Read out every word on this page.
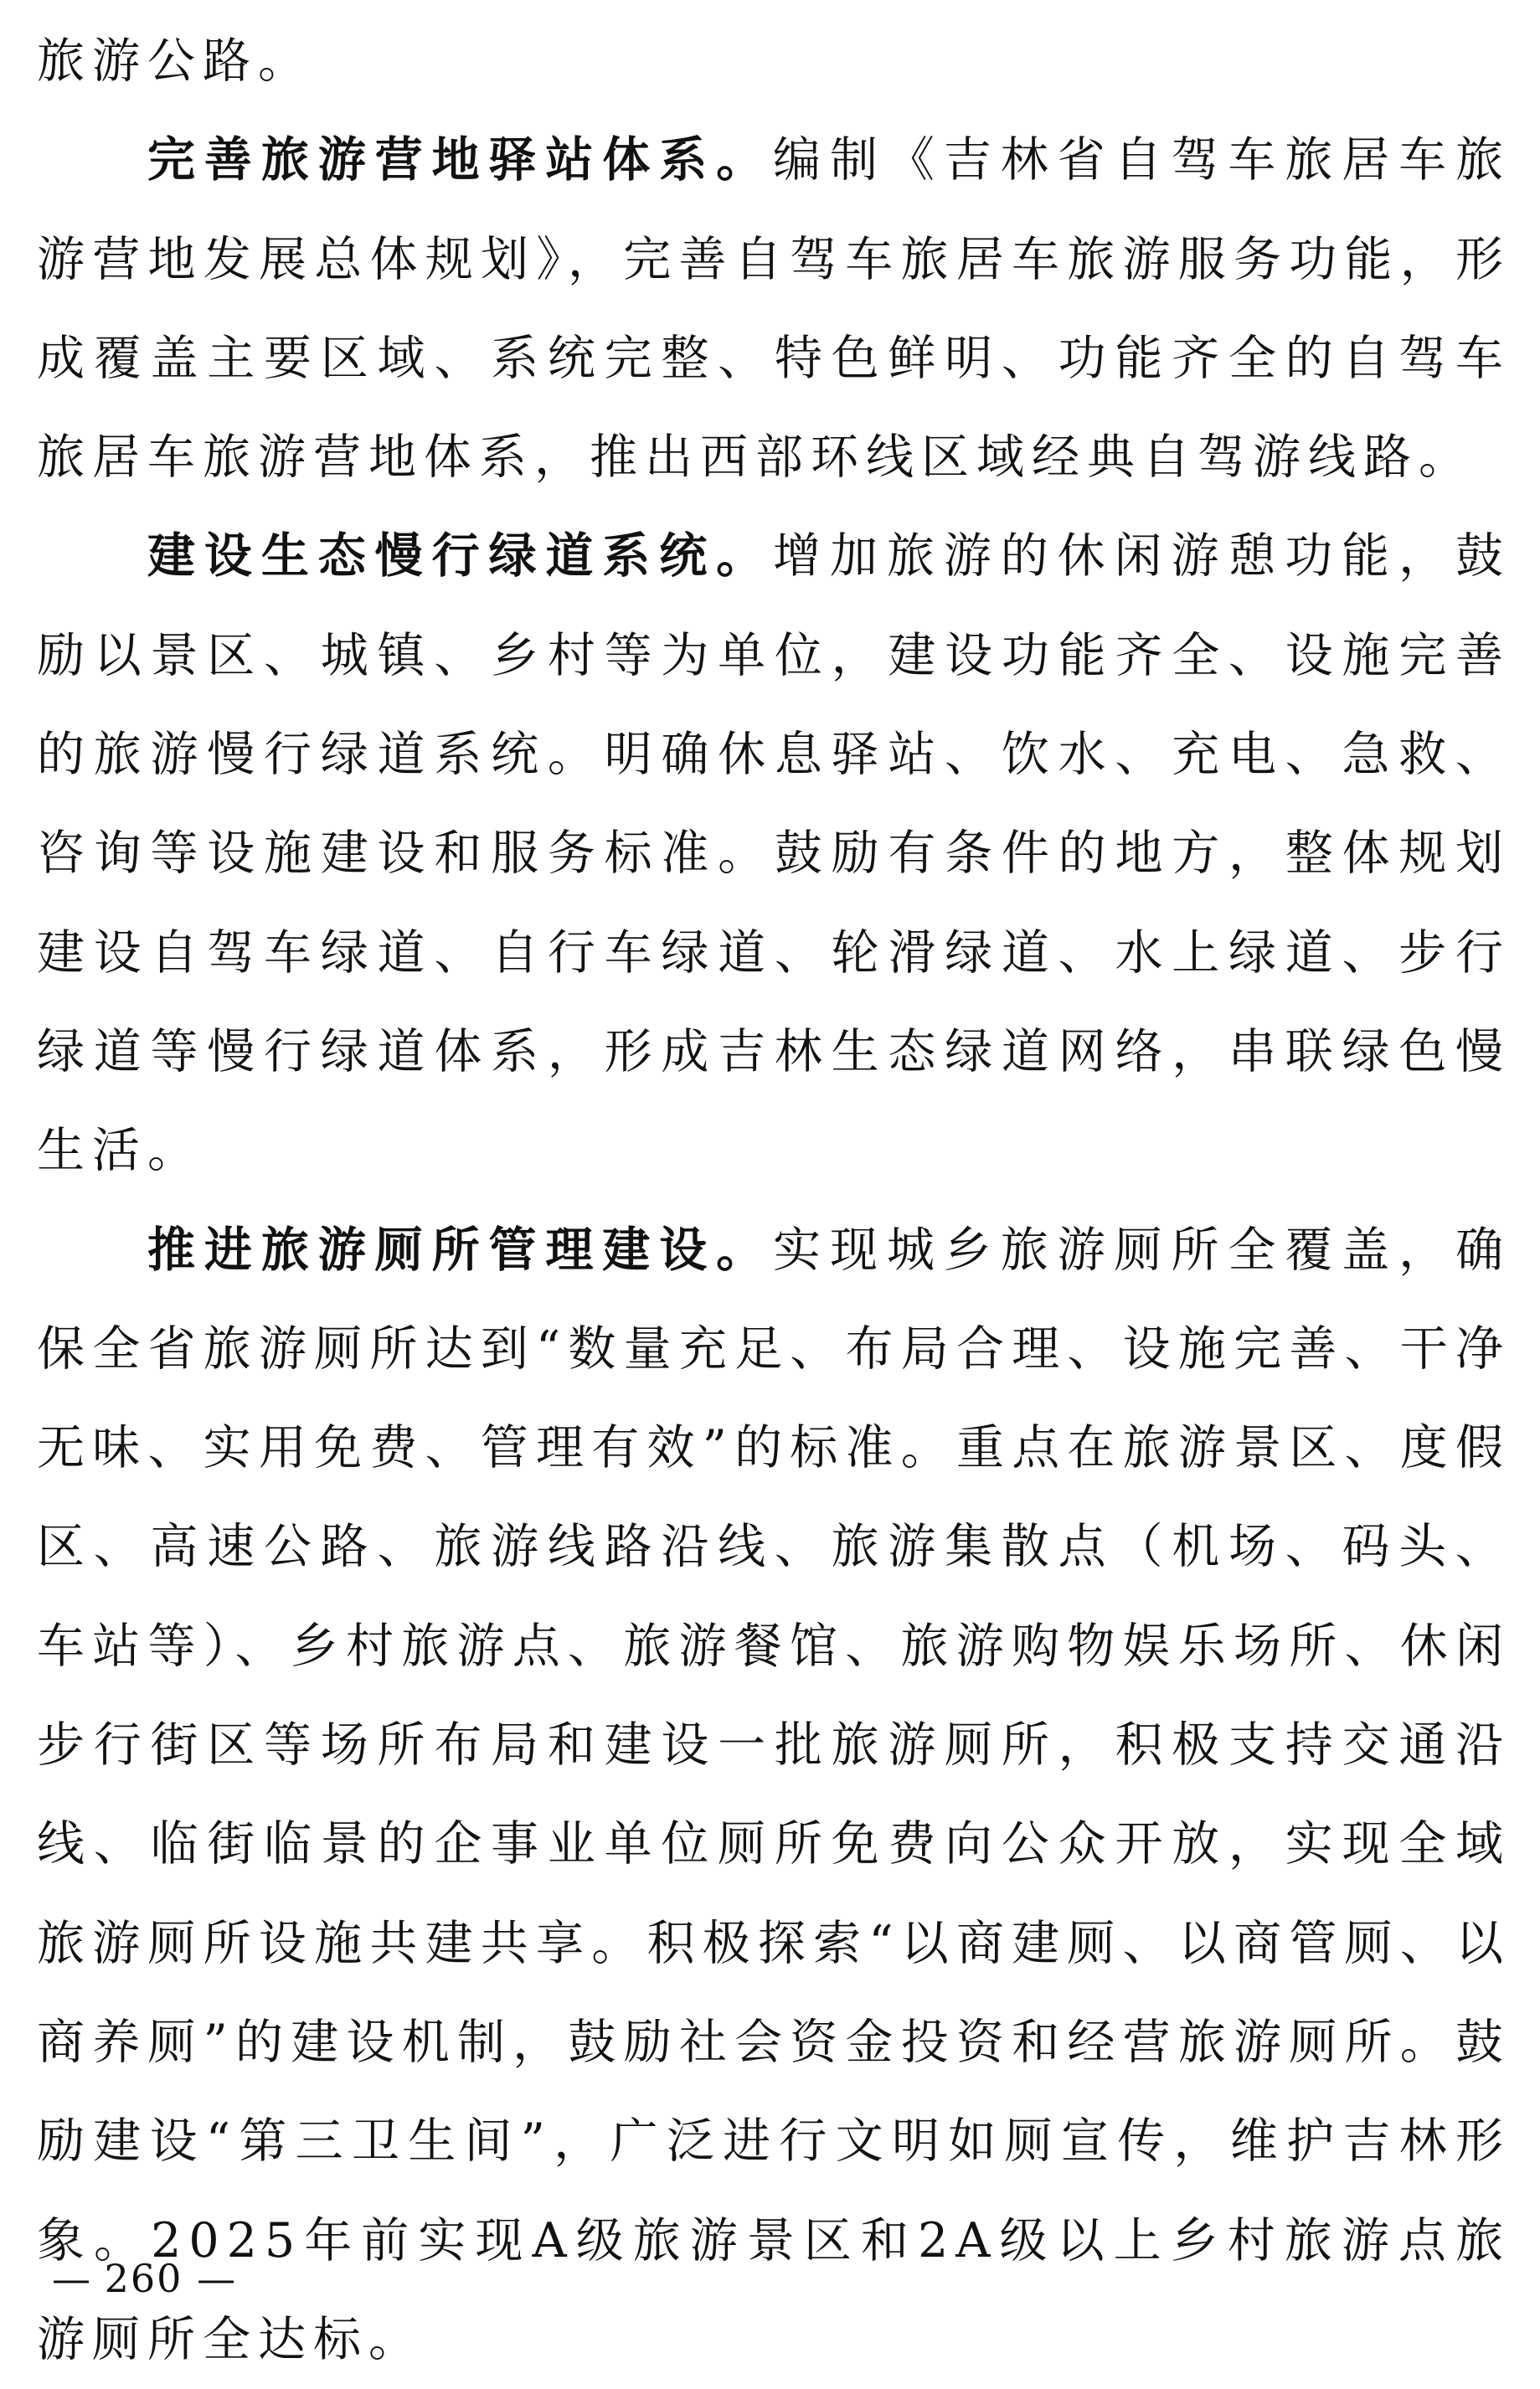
旅游公路。

完善旅游营地驿站体系。编制《吉林省自驾车旅居车旅游营地发展总体规划》，完善自驾车旅居车旅游服务功能，形成覆盖主要区域、系统完整、特色鲜明、功能齐全的自驾车旅居车旅游营地体系，推出西部环线区域经典自驾游线路。

建设生态慢行绿道系统。增加旅游的休闲游憩功能，鼓励以景区、城镇、乡村等为单位，建设功能齐全、设施完善的旅游慢行绿道系统。明确休息驿站、饮水、充电、急救、咨询等设施建设和服务标准。鼓励有条件的地方，整体规划建设自驾车绿道、自行车绿道、轮滑绿道、水上绿道、步行绿道等慢行绿道体系，形成吉林生态绿道网络，串联绿色慢生活。

推进旅游厕所管理建设。实现城乡旅游厕所全覆盖，确保全省旅游厕所达到“数量充足、布局合理、设施完善、干净无味、实用免费、管理有效”的标准。重点在旅游景区、度假区、高速公路、旅游线路沿线、旅游集散点（机场、码头、车站等）、乡村旅游点、旅游餐馆、旅游购物娱乐场所、休闲步行街区等场所布局和建设一批旅游厕所，积极支持交通沿线、临街临景的企事业单位厕所免费向公众开放，实现全域旅游厕所设施共建共享。积极探索“以商建厕、以商管厕、以商养厕”的建设机制，鼓励社会资金投资和经营旅游厕所。鼓励建设“第三卫生间”，广泛进行文明如厕宣传，维护吉林形象。2025年前实现A级旅游景区和2A级以上乡村旅游点旅游厕所全达标。

— 260 —
